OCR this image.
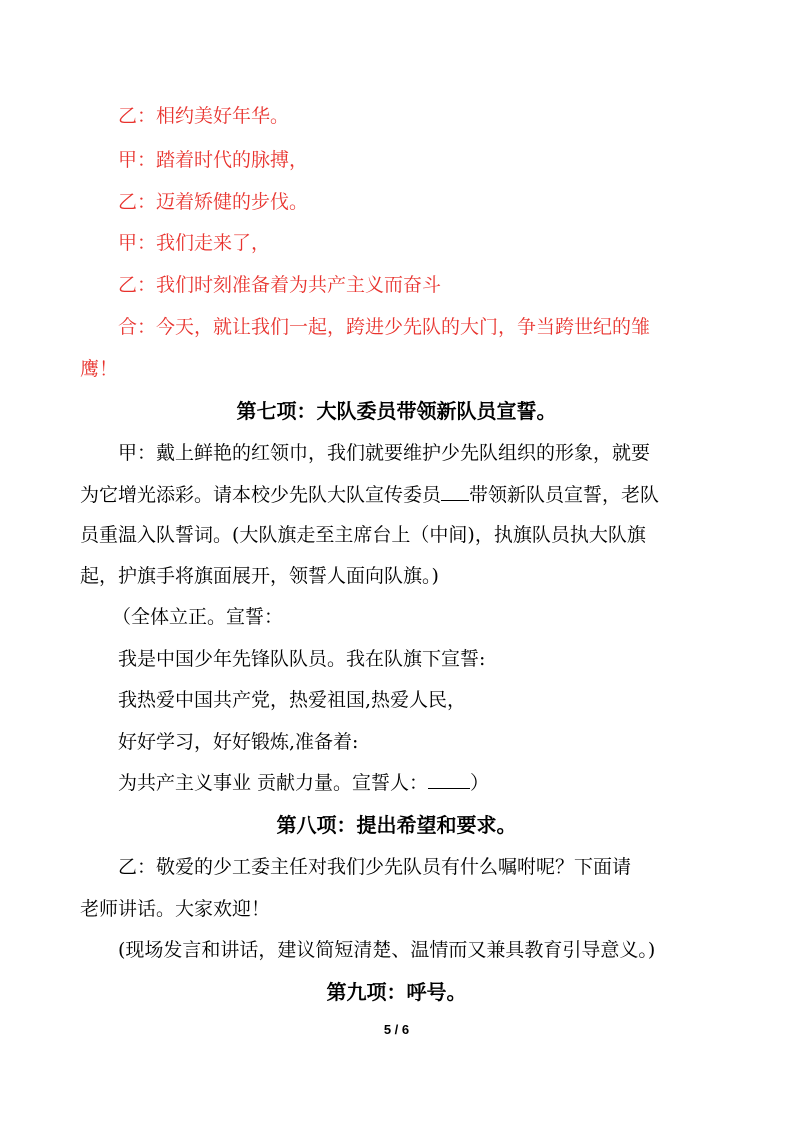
乙：相约美好年华。
甲：踏着时代的脉搏，
乙：迈着矫健的步伐。
甲：我们走来了，
乙：我们时刻准备着为共产主义而奋斗
合：今天，就让我们一起，跨进少先队的大门，争当跨世纪的雏
鹰！
第七项：大队委员带领新队员宣誓。
甲：戴上鲜艳的红领巾，我们就要维护少先队组织的形象，就要
为它增光添彩。请本校少先队大队宣传委员 带领新队员宣誓，老队
员重温入队誓词。(大队旗走至主席台上（中间)，执旗队员执大队旗
起，护旗手将旗面展开，领誓人面向队旗。)
（全体立正。宣誓：
我是中国少年先锋队队员。我在队旗下宣誓:
我热爱中国共产党，热爱祖国,热爱人民，
好好学习，好好锻炼,准备着:
为共产主义事业 贡献力量。宣誓人： ）
第八项：提出希望和要求。
乙：敬爱的少工委主任对我们少先队员有什么嘱咐呢？下面请
老师讲话。大家欢迎！
(现场发言和讲话，建议简短清楚、温情而又兼具教育引导意义。)
第九项：呼号。
5 / 6
